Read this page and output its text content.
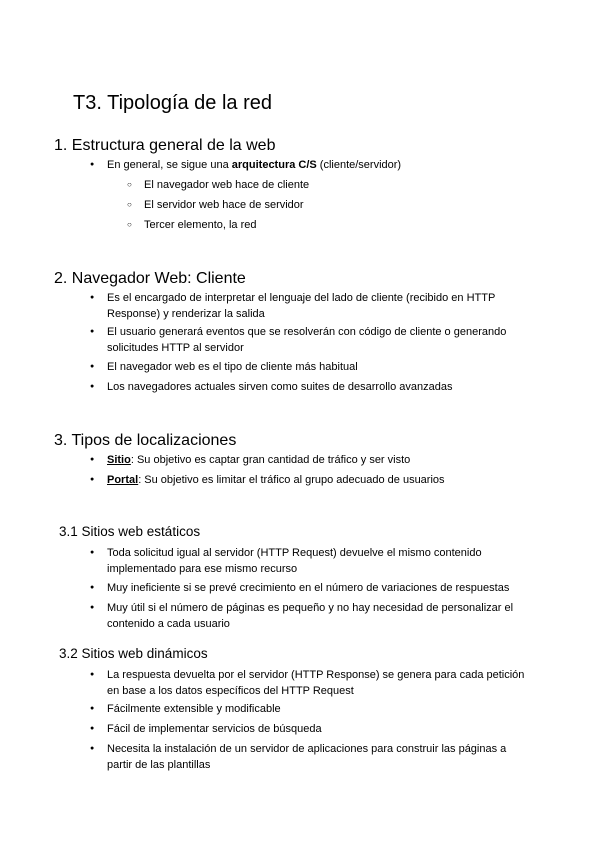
T3. Tipología de la red
1. Estructura general de la web
● En general, se sigue una arquitectura C/S (cliente/servidor)
○ El navegador web hace de cliente
○ El servidor web hace de servidor
○ Tercer elemento, la red
2. Navegador Web: Cliente
● Es el encargado de interpretar el lenguaje del lado de cliente (recibido en HTTP Response) y renderizar la salida
● El usuario generará eventos que se resolverán con código de cliente o generando solicitudes HTTP al servidor
● El navegador web es el tipo de cliente más habitual
● Los navegadores actuales sirven como suites de desarrollo avanzadas
3. Tipos de localizaciones
● Sitio: Su objetivo es captar gran cantidad de tráfico y ser visto
● Portal: Su objetivo es limitar el tráfico al grupo adecuado de usuarios
3.1 Sitios web estáticos
● Toda solicitud igual al servidor (HTTP Request) devuelve el mismo contenido implementado para ese mismo recurso
● Muy ineficiente si se prevé crecimiento en el número de variaciones de respuestas
● Muy útil si el número de páginas es pequeño y no hay necesidad de personalizar el contenido a cada usuario
3.2 Sitios web dinámicos
● La respuesta devuelta por el servidor (HTTP Response) se genera para cada petición en base a los datos específicos del HTTP Request
● Fácilmente extensible y modificable
● Fácil de implementar servicios de búsqueda
● Necesita la instalación de un servidor de aplicaciones para construir las páginas a partir de las plantillas
